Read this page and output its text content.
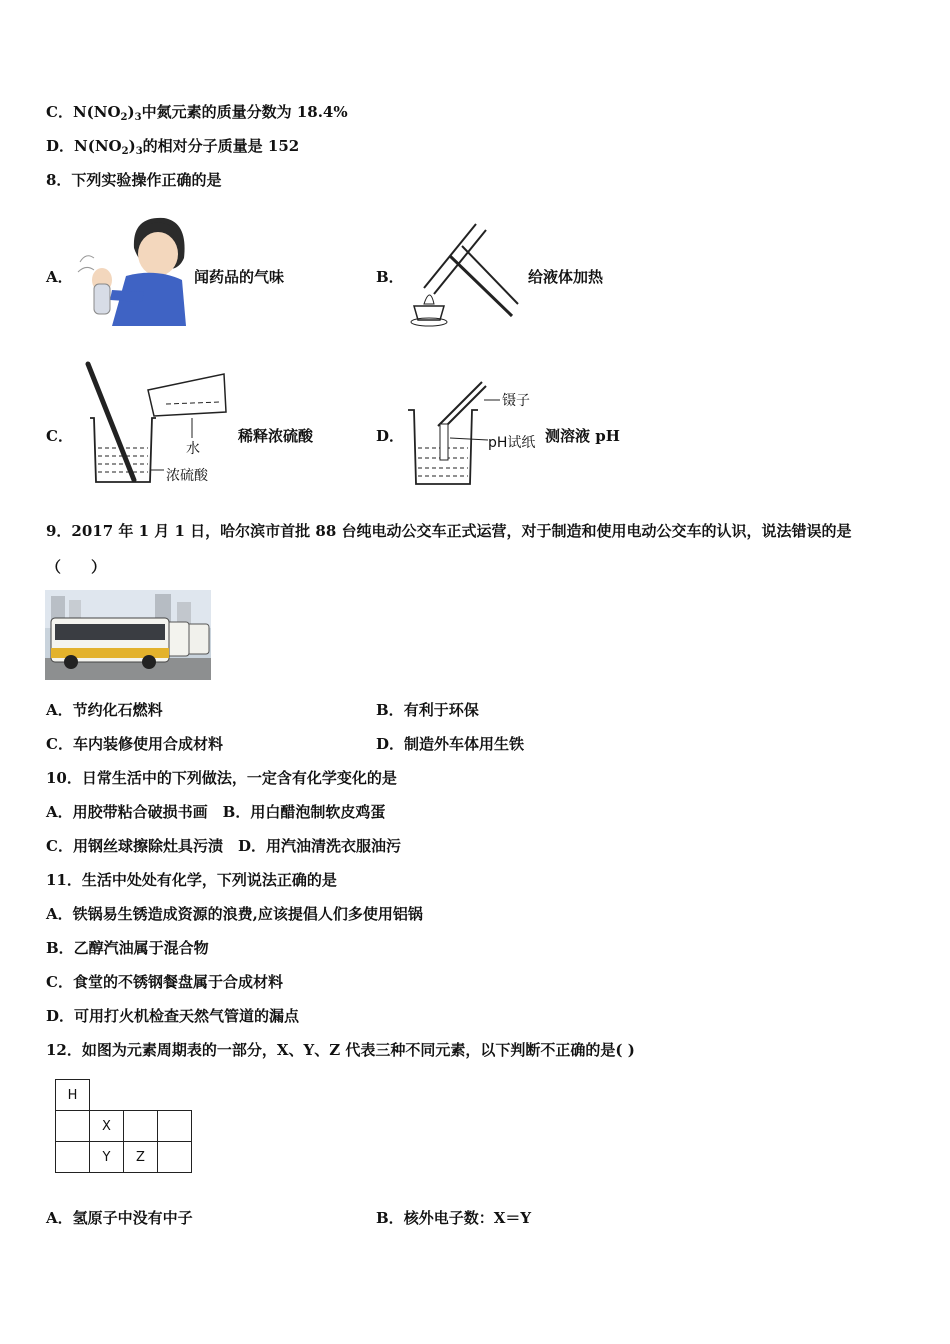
C．$N(NO_2)_3$中氮元素的质量分数为 18.4%
D．$N(NO_2)_3$的相对分子质量是 152
8．下列实验操作正确的是
A．	闻药品的气味	B．	给液体加热
C．
水
浓硫酸
稀释浓硫酸	D．
镊子
pH试纸 测溶液 pH
9．2017 年 1 月 1 日，哈尔滨市首批 88 台纯电动公交车正式运营，对于制造和使用电动公交车的认识，说法错误的是
（　　）
A．节约化石燃料	B．有利于环保
C．车内装修使用合成材料	D．制造外车体用生铁
10．日常生活中的下列做法，一定含有化学变化的是
A．用胶带粘合破损书画　B．用白醋泡制软皮鸡蛋
C．用钢丝球擦除灶具污渍　D．用汽油清洗衣服油污
11．生活中处处有化学，下列说法正确的是
A．铁锅易生锈造成资源的浪费,应该提倡人们多使用铝锅
B．乙醇汽油属于混合物
C．食堂的不锈钢餐盘属于合成材料
D．可用打火机检查天然气管道的漏点
12．如图为元素周期表的一部分，X、Y、Z 代表三种不同元素，以下判断不正确的是( )
H			
	X		
	Y	Z	
A．氢原子中没有中子	B．核外电子数：X＝Y
